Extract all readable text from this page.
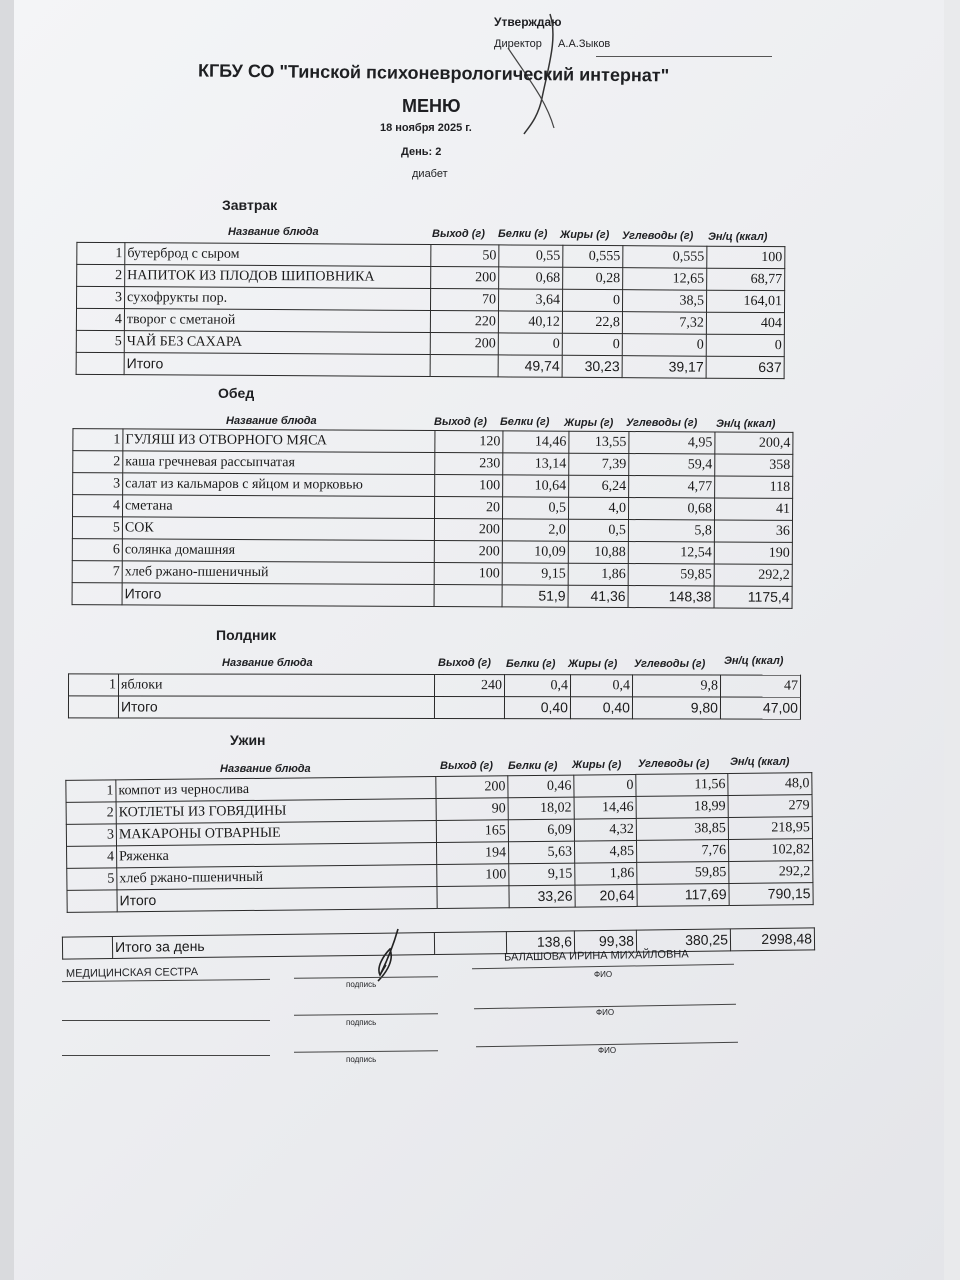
Утверждаю
Директор А.А.Зыков
КГБУ СО "Тинской психоневрологический интернат"
МЕНЮ
18 ноября 2025 г.
День: 2
диабет
Завтрак
Название блюда	Выход (г) Белки (г) Жиры (г) Углеводы (г) Эн/ц (ккал)
1	бутерброд с сыром	50	0,55	0,555	0,555	100
2	НАПИТОК ИЗ ПЛОДОВ ШИПОВНИКА	200	0,68	0,28	12,65	68,77
3	сухофрукты пор.	70	3,64	0	38,5	164,01
4	творог с сметаной	220	40,12	22,8	7,32	404
5	ЧАЙ БЕЗ САХАРА	200	0	0	0	0
	Итого		49,74	30,23	39,17	637
Обед
Название блюда	Выход (г) Белки (г) Жиры (г) Углеводы (г) Эн/ц (ккал)
1	ГУЛЯШ ИЗ ОТВОРНОГО МЯСА	120	14,46	13,55	4,95	200,4
2	каша гречневая рассыпчатая	230	13,14	7,39	59,4	358
3	салат из кальмаров с яйцом и морковью	100	10,64	6,24	4,77	118
4	сметана	20	0,5	4,0	0,68	41
5	СОК	200	2,0	0,5	5,8	36
6	солянка домашняя	200	10,09	10,88	12,54	190
7	хлеб ржано-пшеничный	100	9,15	1,86	59,85	292,2
	Итого		51,9	41,36	148,38	1175,4
Полдник
Название блюда	Выход (г) Белки (г) Жиры (г) Углеводы (г) Эн/ц (ккал)
1	яблоки	240	0,4	0,4	9,8	47
	Итого		0,40	0,40	9,80	47,00
Ужин
Название блюда	Выход (г) Белки (г) Жиры (г) Углеводы (г) Эн/ц (ккал)
1	компот из чернослива	200	0,46	0	11,56	48,0
2	КОТЛЕТЫ ИЗ ГОВЯДИНЫ	90	18,02	14,46	18,99	279
3	МАКАРОНЫ ОТВАРНЫЕ	165	6,09	4,32	38,85	218,95
4	Ряженка	194	5,63	4,85	7,76	102,82
5	хлеб ржано-пшеничный	100	9,15	1,86	59,85	292,2
	Итого		33,26	20,64	117,69	790,15
	Итого за день		138,6	99,38	380,25	2998,48
МЕДИЦИНСКАЯ СЕСТРА
подпись
БАЛАШОВА ИРИНА МИХАЙЛОВНА
ФИО
подпись
ФИО
подпись
ФИО
